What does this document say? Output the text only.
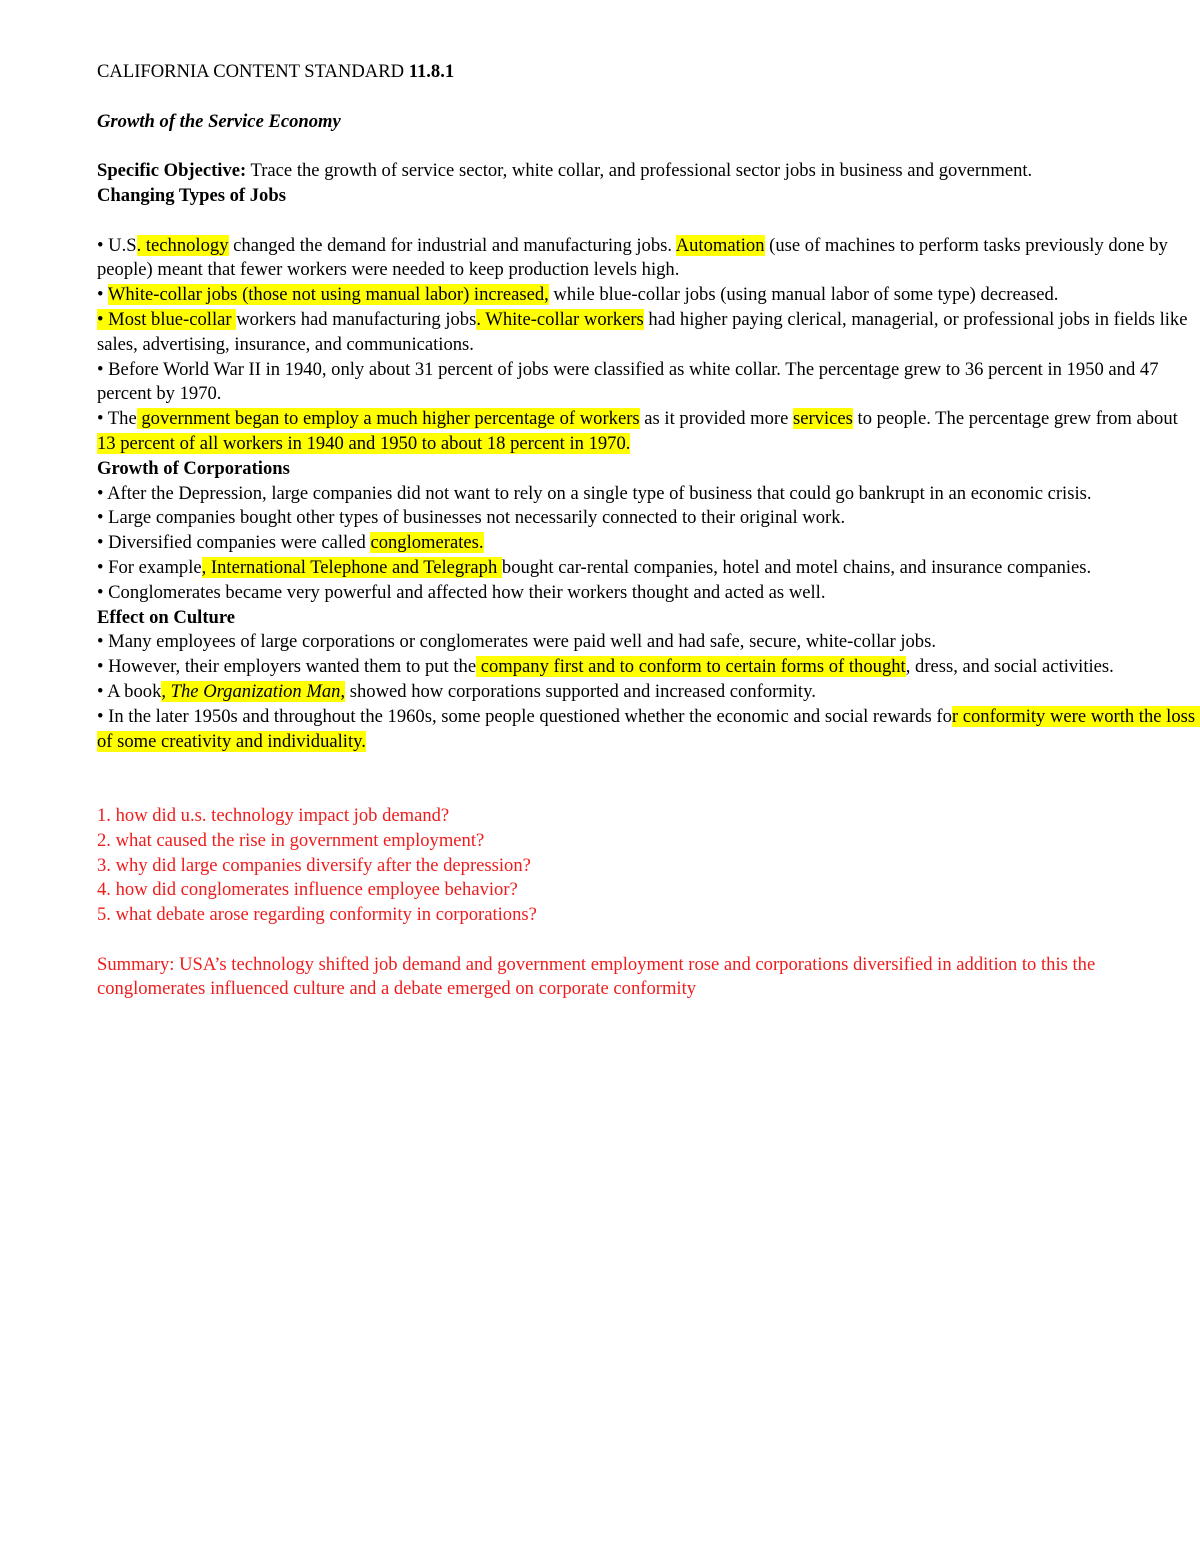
CALIFORNIA CONTENT STANDARD 11.8.1

Growth of the Service Economy

Specific Objective: Trace the growth of service sector, white collar, and professional sector jobs in business and government.

Changing Types of Jobs

• U.S. technology changed the demand for industrial and manufacturing jobs. Automation (use of machines to perform tasks previously done by people) meant that fewer workers were needed to keep production levels high.

• White-collar jobs (those not using manual labor) increased, while blue-collar jobs (using manual labor of some type) decreased.

• Most blue-collar workers had manufacturing jobs. White-collar workers had higher paying clerical, managerial, or professional jobs in fields like sales, advertising, insurance, and communications.

• Before World War II in 1940, only about 31 percent of jobs were classified as white collar. The percentage grew to 36 percent in 1950 and 47 percent by 1970.

• The government began to employ a much higher percentage of workers as it provided more services to people. The percentage grew from about 13 percent of all workers in 1940 and 1950 to about 18 percent in 1970.

Growth of Corporations

• After the Depression, large companies did not want to rely on a single type of business that could go bankrupt in an economic crisis.

• Large companies bought other types of businesses not necessarily connected to their original work.

• Diversified companies were called conglomerates.

• For example, International Telephone and Telegraph bought car-rental companies, hotel and motel chains, and insurance companies.

• Conglomerates became very powerful and affected how their workers thought and acted as well.

Effect on Culture

• Many employees of large corporations or conglomerates were paid well and had safe, secure, white-collar jobs.

• However, their employers wanted them to put the company first and to conform to certain forms of thought, dress, and social activities.

• A book, The Organization Man, showed how corporations supported and increased conformity.

• In the later 1950s and throughout the 1960s, some people questioned whether the economic and social rewards for conformity were worth the loss of some creativity and individuality.

1. how did u.s. technology impact job demand?

2. what caused the rise in government employment?

3. why did large companies diversify after the depression?

4. how did conglomerates influence employee behavior?

5. what debate arose regarding conformity in corporations?

Summary: USA’s technology shifted job demand and government employment rose and corporations diversified in addition to this the conglomerates influenced culture and a debate emerged on corporate conformity
